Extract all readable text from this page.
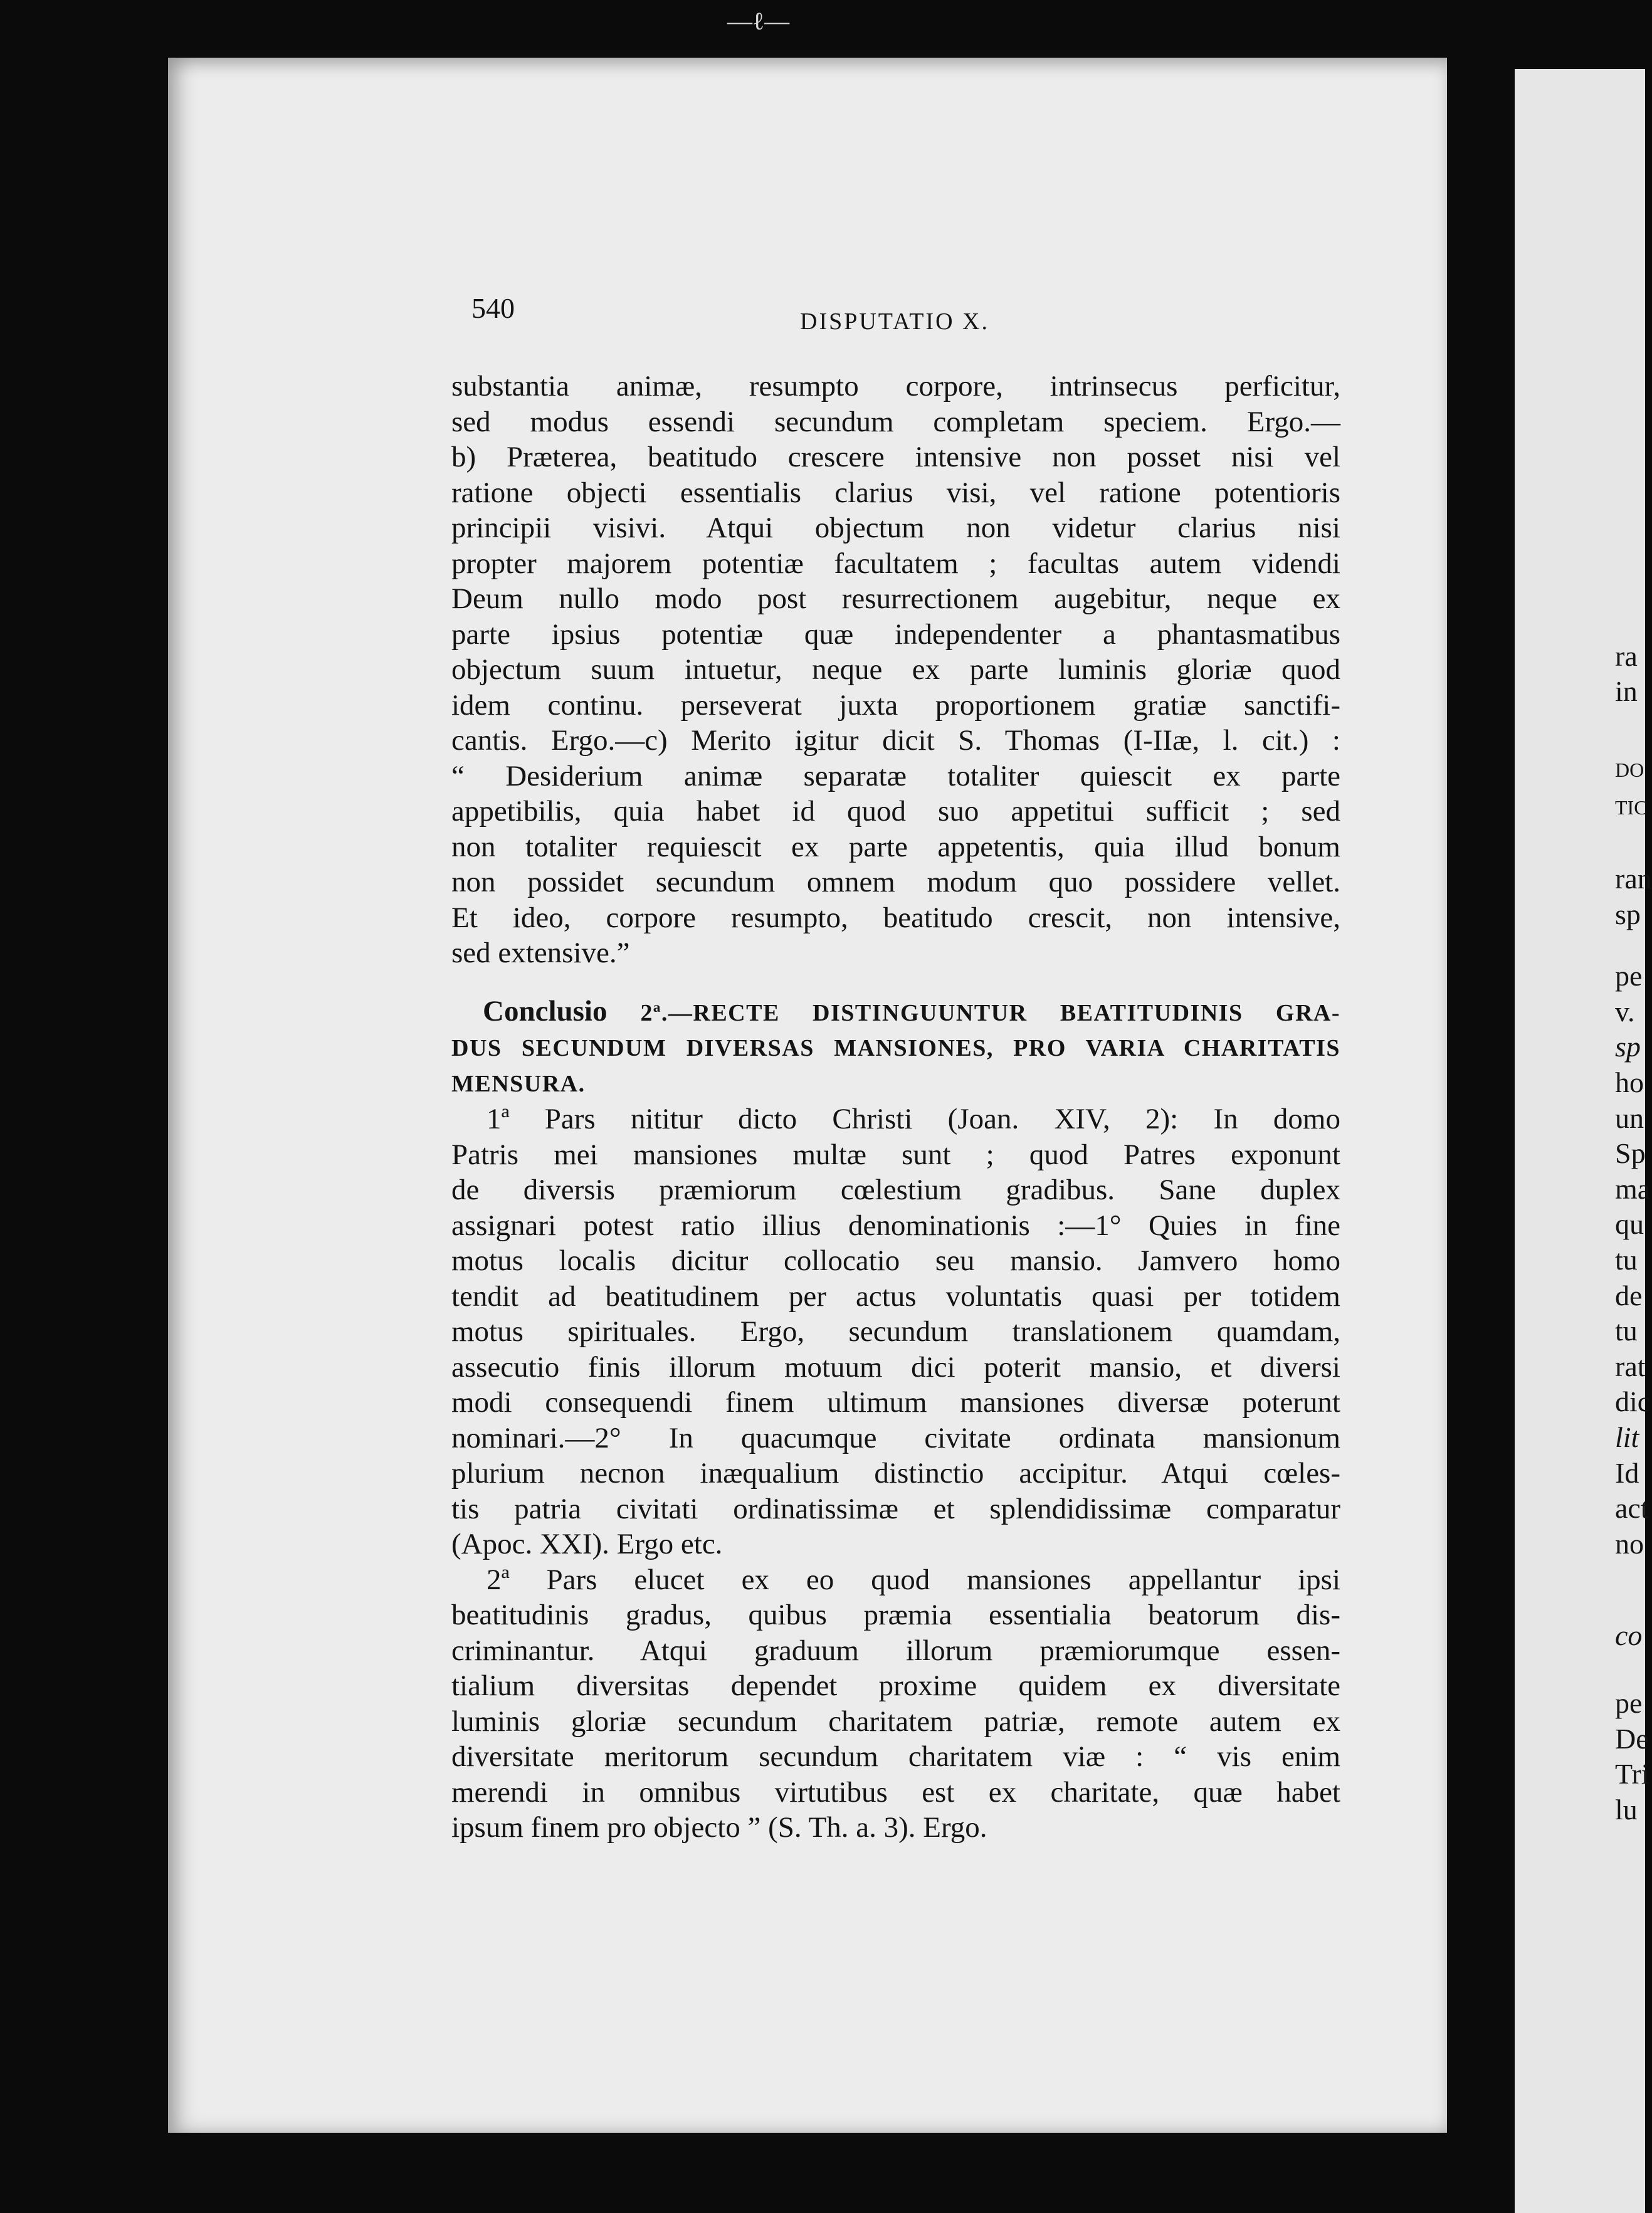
—ℓ—
540	DISPUTATIO X.
substantia animæ, resumpto corpore, intrinsecus perficitur,
sed modus essendi secundum completam speciem. Ergo.—
b) Præterea, beatitudo crescere intensive non posset nisi vel
ratione objecti essentialis clarius visi, vel ratione potentioris
principii visivi. Atqui objectum non videtur clarius nisi
propter majorem potentiæ facultatem ; facultas autem videndi
Deum nullo modo post resurrectionem augebitur, neque ex
parte ipsius potentiæ quæ independenter a phantasmatibus
objectum suum intuetur, neque ex parte luminis gloriæ quod
idem continu. perseverat juxta proportionem gratiæ sanctifi-
cantis. Ergo.—c) Merito igitur dicit S. Thomas (I-IIæ, l. cit.) :
“ Desiderium animæ separatæ totaliter quiescit ex parte
appetibilis, quia habet id quod suo appetitui sufficit ; sed
non totaliter requiescit ex parte appetentis, quia illud bonum
non possidet secundum omnem modum quo possidere vellet.
Et ideo, corpore resumpto, beatitudo crescit, non intensive,
sed extensive.”
Conclusio 2ª.—RECTE DISTINGUUNTUR BEATITUDINIS GRA-
DUS SECUNDUM DIVERSAS MANSIONES, PRO VARIA CHARITATIS
MENSURA.
1ª Pars nititur dicto Christi (Joan. XIV, 2): In domo
Patris mei mansiones multæ sunt ; quod Patres exponunt
de diversis præmiorum cœlestium gradibus. Sane duplex
assignari potest ratio illius denominationis :—1° Quies in fine
motus localis dicitur collocatio seu mansio. Jamvero homo
tendit ad beatitudinem per actus voluntatis quasi per totidem
motus spirituales. Ergo, secundum translationem quamdam,
assecutio finis illorum motuum dici poterit mansio, et diversi
modi consequendi finem ultimum mansiones diversæ poterunt
nominari.—2° In quacumque civitate ordinata mansionum
plurium necnon inæqualium distinctio accipitur. Atqui cœles-
tis patria civitati ordinatissimæ et splendidissimæ comparatur
(Apoc. XXI). Ergo etc.
2ª Pars elucet ex eo quod mansiones appellantur ipsi
beatitudinis gradus, quibus præmia essentialia beatorum dis-
criminantur. Atqui graduum illorum præmiorumque essen-
tialium diversitas dependet proxime quidem ex diversitate
luminis gloriæ secundum charitatem patriæ, remote autem ex
diversitate meritorum secundum charitatem viæ : “ vis enim
merendi in omnibus virtutibus est ex charitate, quæ habet
ipsum finem pro objecto ” (S. Th. a. 3). Ergo.
ra
in
DO
TIC
ran
sp
pe
v.
sp
ho
un
Sp
ma
qu
tu
de
tu
rat
dic
lit
Id
act
no
co
pe
De
Tri
lu
